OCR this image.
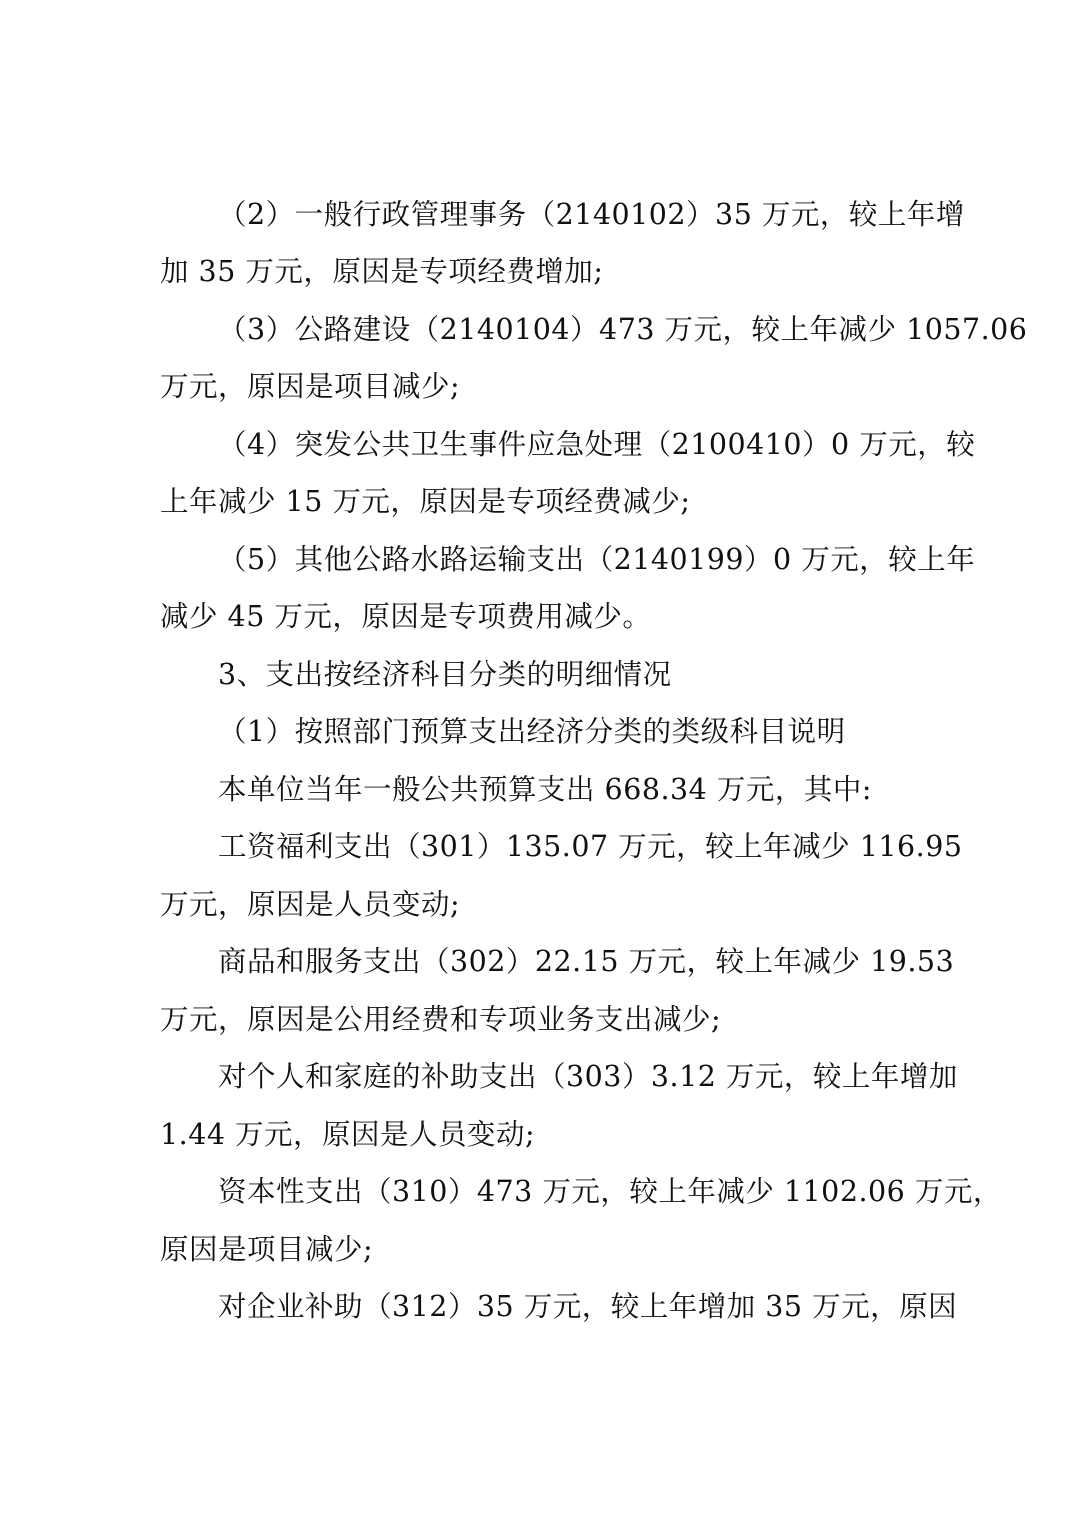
（2）一般行政管理事务（2140102）35 万元，较上年增
加 35 万元，原因是专项经费增加;
（3）公路建设（2140104）473 万元，较上年减少 1057.06
万元，原因是项目减少;
（4）突发公共卫生事件应急处理（2100410）0 万元，较
上年减少 15 万元，原因是专项经费减少;
（5）其他公路水路运输支出（2140199）0 万元，较上年
减少 45 万元，原因是专项费用减少。
3、支出按经济科目分类的明细情况
（1）按照部门预算支出经济分类的类级科目说明
本单位当年一般公共预算支出 668.34 万元，其中:
工资福利支出（301）135.07 万元，较上年减少 116.95
万元，原因是人员变动;
商品和服务支出（302）22.15 万元，较上年减少 19.53
万元，原因是公用经费和专项业务支出减少;
对个人和家庭的补助支出（303）3.12 万元，较上年增加
1.44 万元，原因是人员变动;
资本性支出（310）473 万元，较上年减少 1102.06 万元，
原因是项目减少;
对企业补助（312）35 万元，较上年增加 35 万元，原因
